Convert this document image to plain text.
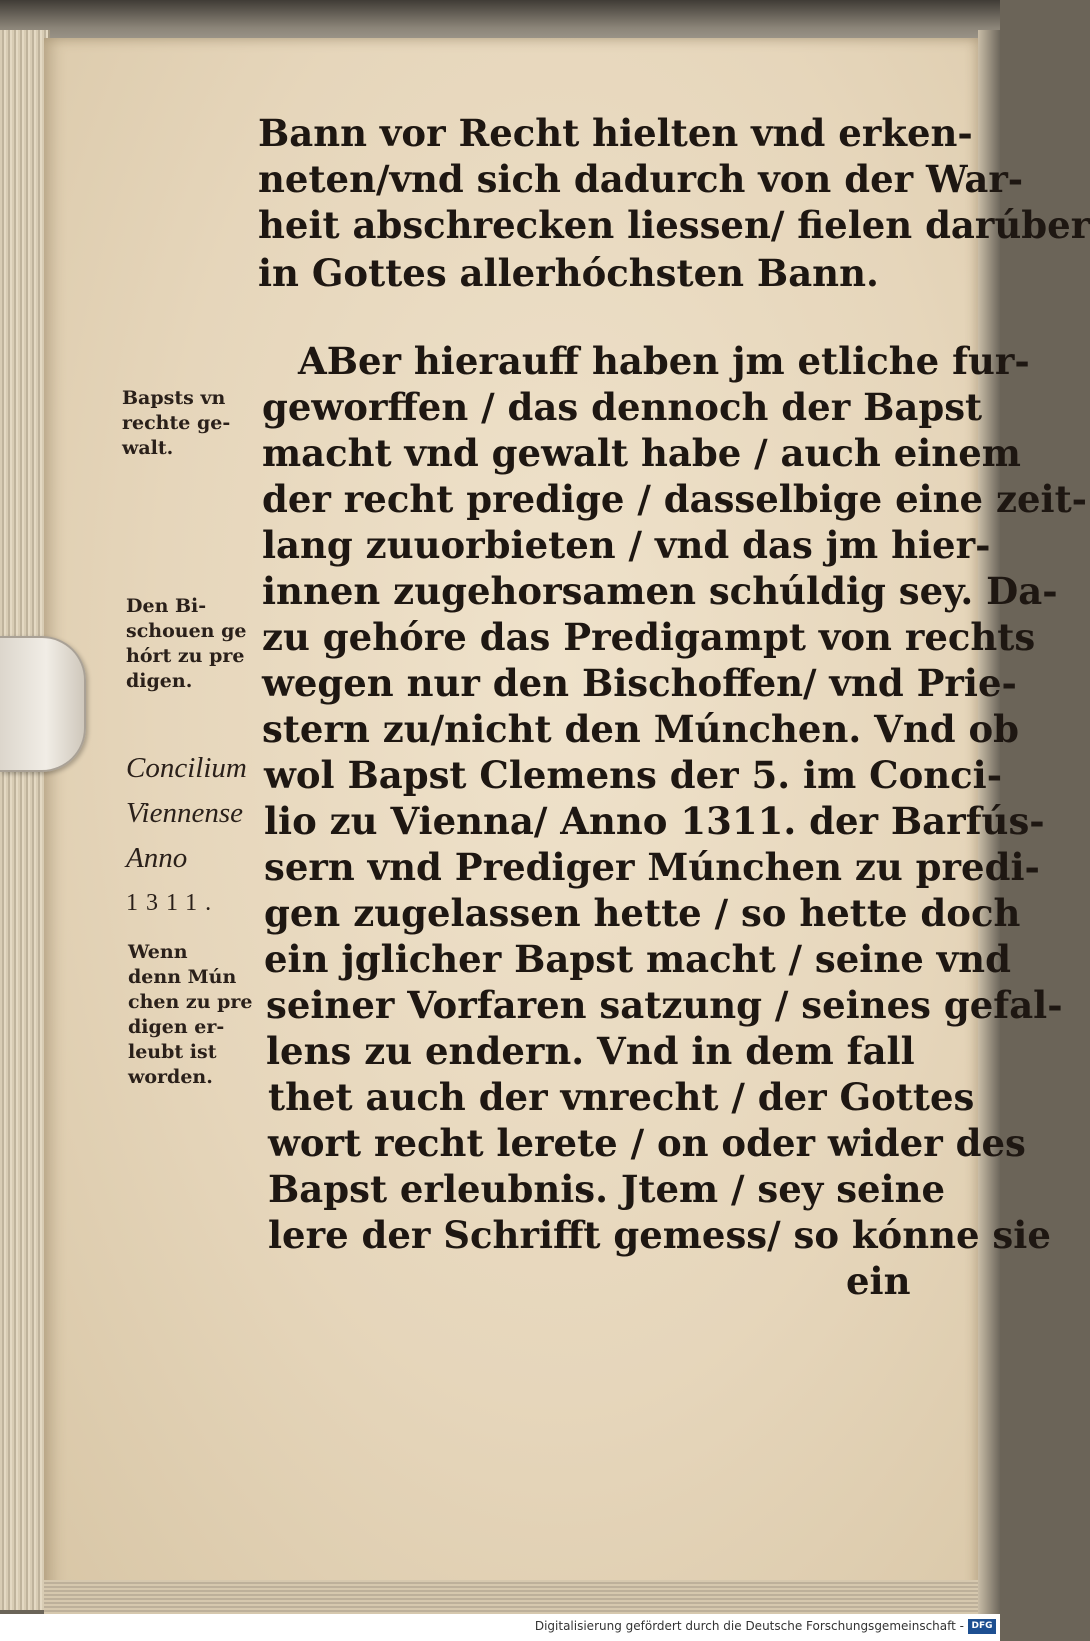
Bann vor Recht hielten vnd erken-
neten/vnd sich dadurch von der War-
heit abschrecken liessen/ fielen darúber
in Gottes allerhóchsten Bann.
ABer hierauff haben jm etliche fur-
geworffen / das dennoch der Bapst
macht vnd gewalt habe / auch einem
der recht predige / dasselbige eine zeit-
lang zuuorbieten / vnd das jm hier-
innen zugehorsamen schúldig sey. Da-
zu gehóre das Predigampt von rechts
wegen nur den Bischoffen/ vnd Prie-
stern zu/nicht den Múnchen. Vnd ob
wol Bapst Clemens der 5. im Conci-
lio zu Vienna/ Anno 1311. der Barfús-
sern vnd Prediger Múnchen zu predi-
gen zugelassen hette / so hette doch
ein jglicher Bapst macht / seine vnd
seiner Vorfaren satzung / seines gefal-
lens zu endern. Vnd in dem fall
thet auch der vnrecht / der Gottes
wort recht lerete / on oder wider des
Bapst erleubnis. Jtem / sey seine
lere der Schrifft gemess/ so kónne sie
ein
Bapsts vn
rechte ge-
walt.
Den Bi-
schouen ge
hórt zu pre
digen.
Concilium
Viennense
Anno
1311.
Wenn
denn Mún
chen zu pre
digen er-
leubt ist
worden.
Digitalisierung gefördert durch die Deutsche Forschungsgemeinschaft - DFG
